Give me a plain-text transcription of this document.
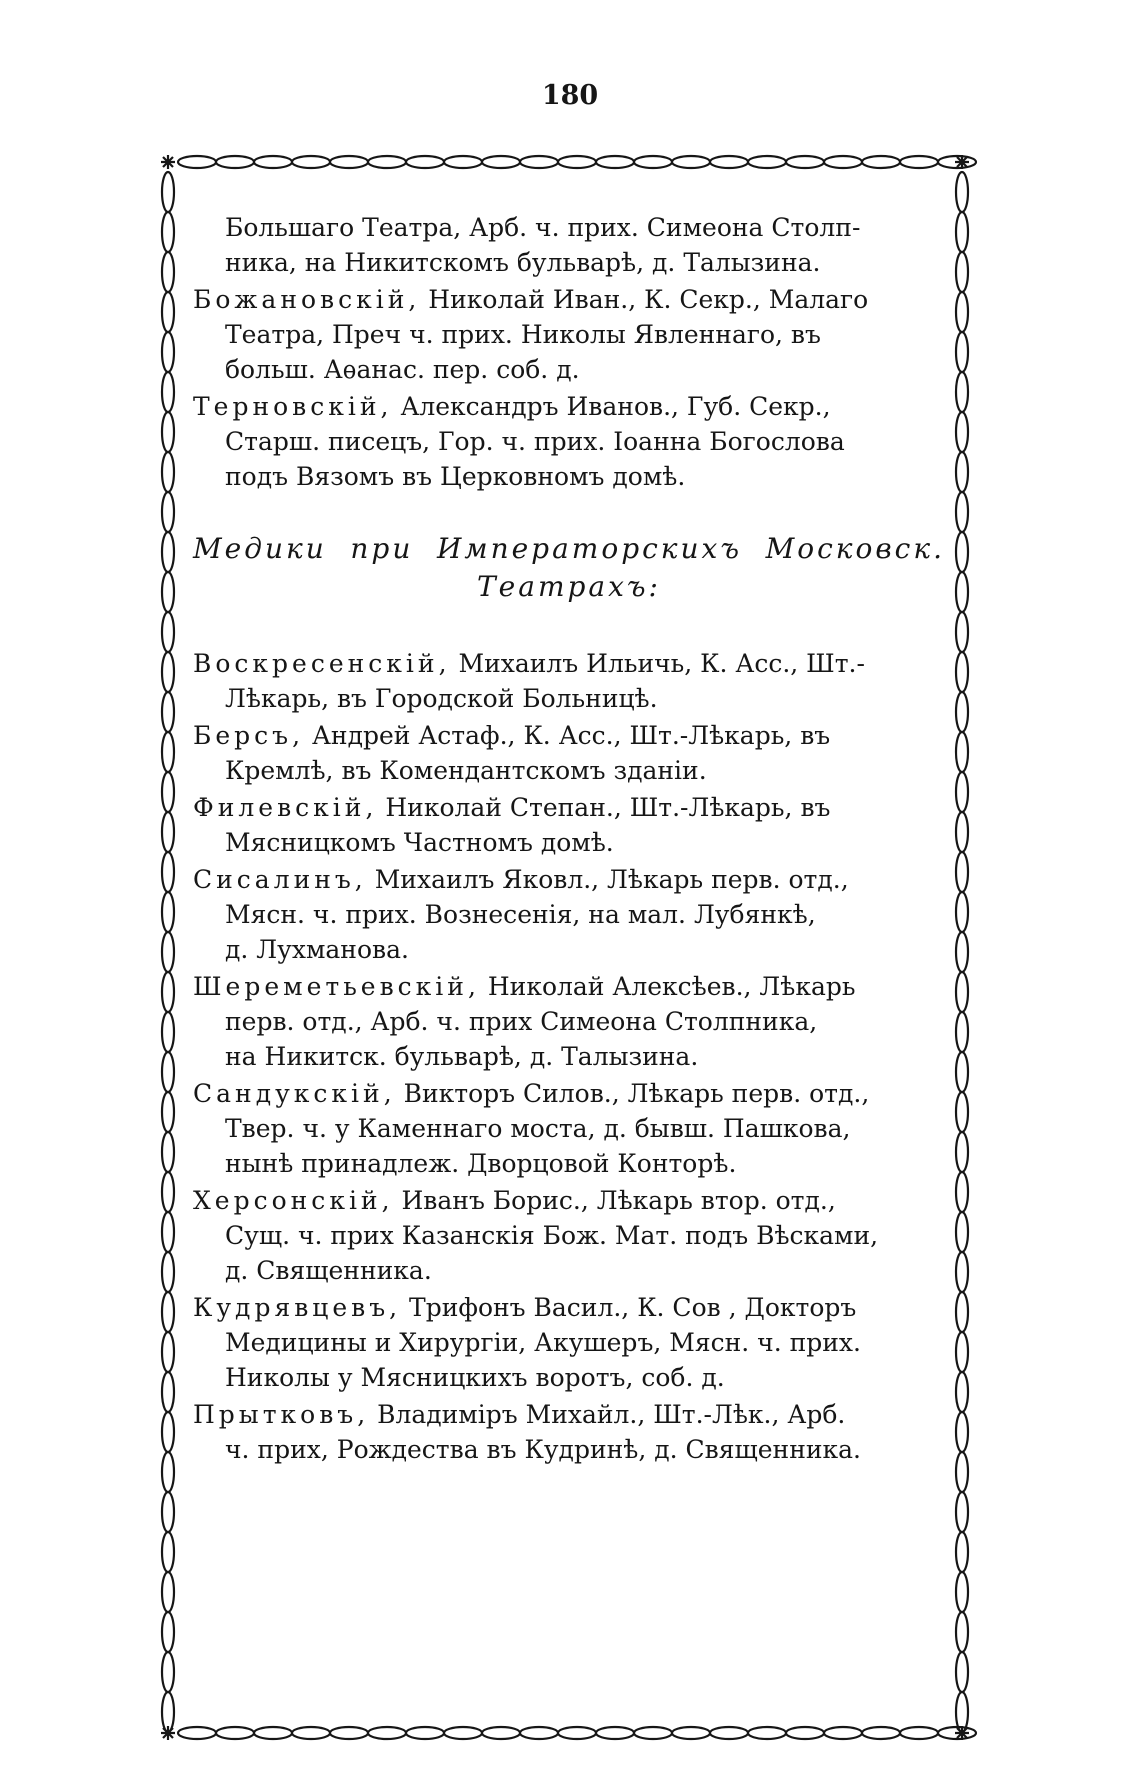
180
Большаго Театра, Арб. ч. прих. Симеона Столп-
ника, на Никитскомъ бульварѣ, д. Талызина.
Божановскій, Николай Иван., К. Секр., Малаго
Театра, Преч ч. прих. Николы Явленнаго, въ
больш. Аѳанас. пер. соб. д.
Терновскій, Александръ Иванов., Губ. Секр.,
Старш. писецъ, Гор. ч. прих. Іоанна Богослова
подъ Вязомъ въ Церковномъ домѣ.
Медики при Императорскихъ Московск.
Театрахъ:
Воскресенскій, Михаилъ Ильичь, К. Асс., Шт.-
Лѣкарь, въ Городской Больницѣ.
Берсъ, Андрей Астаф., К. Асс., Шт.-Лѣкарь, въ
Кремлѣ, въ Комендантскомъ зданіи.
Филевскій, Николай Степан., Шт.-Лѣкарь, въ
Мясницкомъ Частномъ домѣ.
Сисалинъ, Михаилъ Яковл., Лѣкарь перв. отд.,
Мясн. ч. прих. Вознесенія, на мал. Лубянкѣ,
д. Лухманова.
Шереметьевскій, Николай Алексѣев., Лѣкарь
перв. отд., Арб. ч. прих Симеона Столпника,
на Никитск. бульварѣ, д. Талызина.
Сандукскій, Викторъ Силов., Лѣкарь перв. отд.,
Твер. ч. у Каменнаго моста, д. бывш. Пашкова,
нынѣ принадлеж. Дворцовой Конторѣ.
Херсонскій, Иванъ Борис., Лѣкарь втор. отд.,
Сущ. ч. прих Казанскія Бож. Мат. подъ Вѣсками,
д. Священника.
Кудрявцевъ, Трифонъ Васил., К. Сов , Докторъ
Медицины и Хирургіи, Акушеръ, Мясн. ч. прих.
Николы у Мясницкихъ воротъ, соб. д.
Прытковъ, Владиміръ Михайл., Шт.-Лѣк., Арб.
ч. прих, Рождества въ Кудринѣ, д. Священника.
